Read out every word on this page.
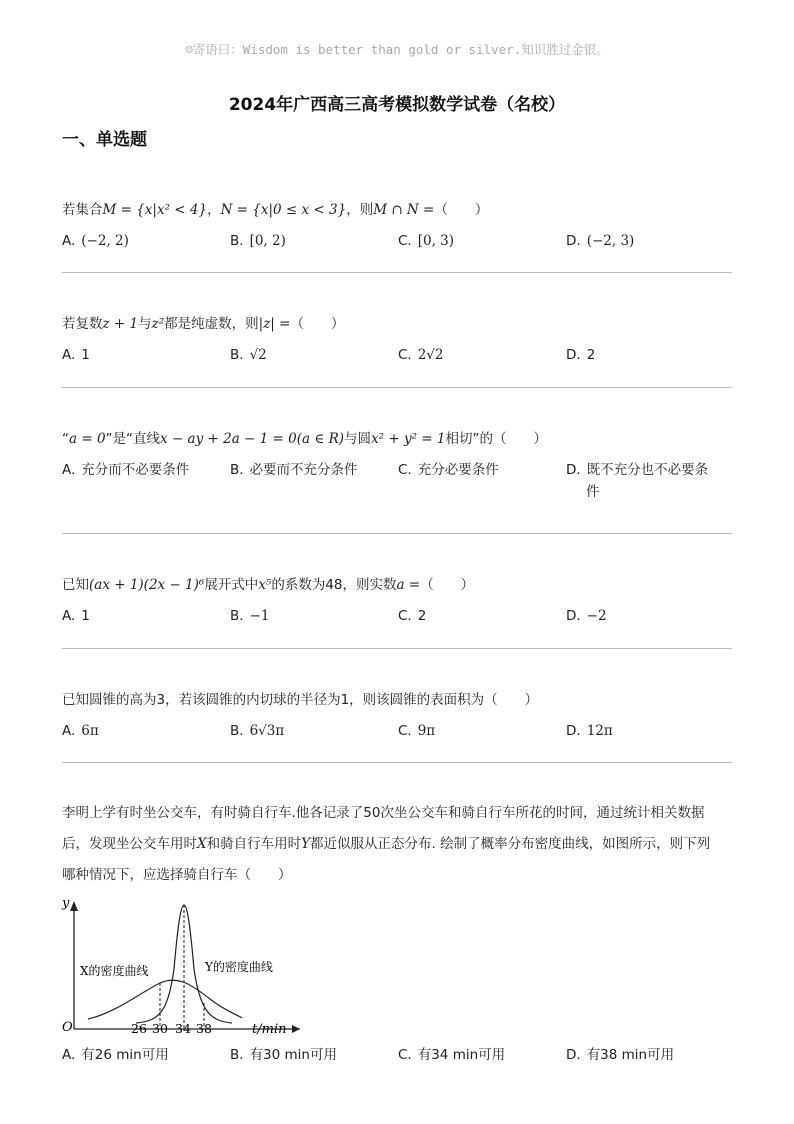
☺寄语曰：Wisdom is better than gold or silver.知识胜过金银。
2024年广西高三高考模拟数学试卷（名校）
一、单选题
若集合M = {x|x² < 4}，N = {x|0 ≤ x < 3}，则M ∩ N =（　　）
A. (−2, 2)	B. [0, 2)	C. [0, 3)	D. (−2, 3)
若复数z + 1与z²都是纯虚数，则|z| =（　　）
A. 1	B. √2	C. 2√2	D. 2
“a = 0”是“直线x − ay + 2a − 1 = 0(a ∈ R)与圆x² + y² = 1相切”的（　　）
A. 充分而不必要条件	B. 必要而不充分条件	C. 充分必要条件	D. 既不充分也不必要条
件
已知(ax + 1)(2x − 1)⁶展开式中x⁵的系数为48，则实数a =（　　）
A. 1	B. −1	C. 2	D. −2
已知圆锥的高为3，若该圆锥的内切球的半径为1，则该圆锥的表面积为（　　）
A. 6π	B. 6√3π	C. 9π	D. 12π
李明上学有时坐公交车，有时骑自行车.他各记录了50次坐公交车和骑自行车所花的时间，通过统计相关数据
后，发现坐公交车用时X和骑自行车用时Y都近似服从正态分布. 绘制了概率分布密度曲线，如图所示，则下列
哪种情况下，应选择骑自行车（　　）
y
O	26 30 34 38	t/min
X的密度曲线	Y的密度曲线
A. 有26 min可用	B. 有30 min可用	C. 有34 min可用	D. 有38 min可用
